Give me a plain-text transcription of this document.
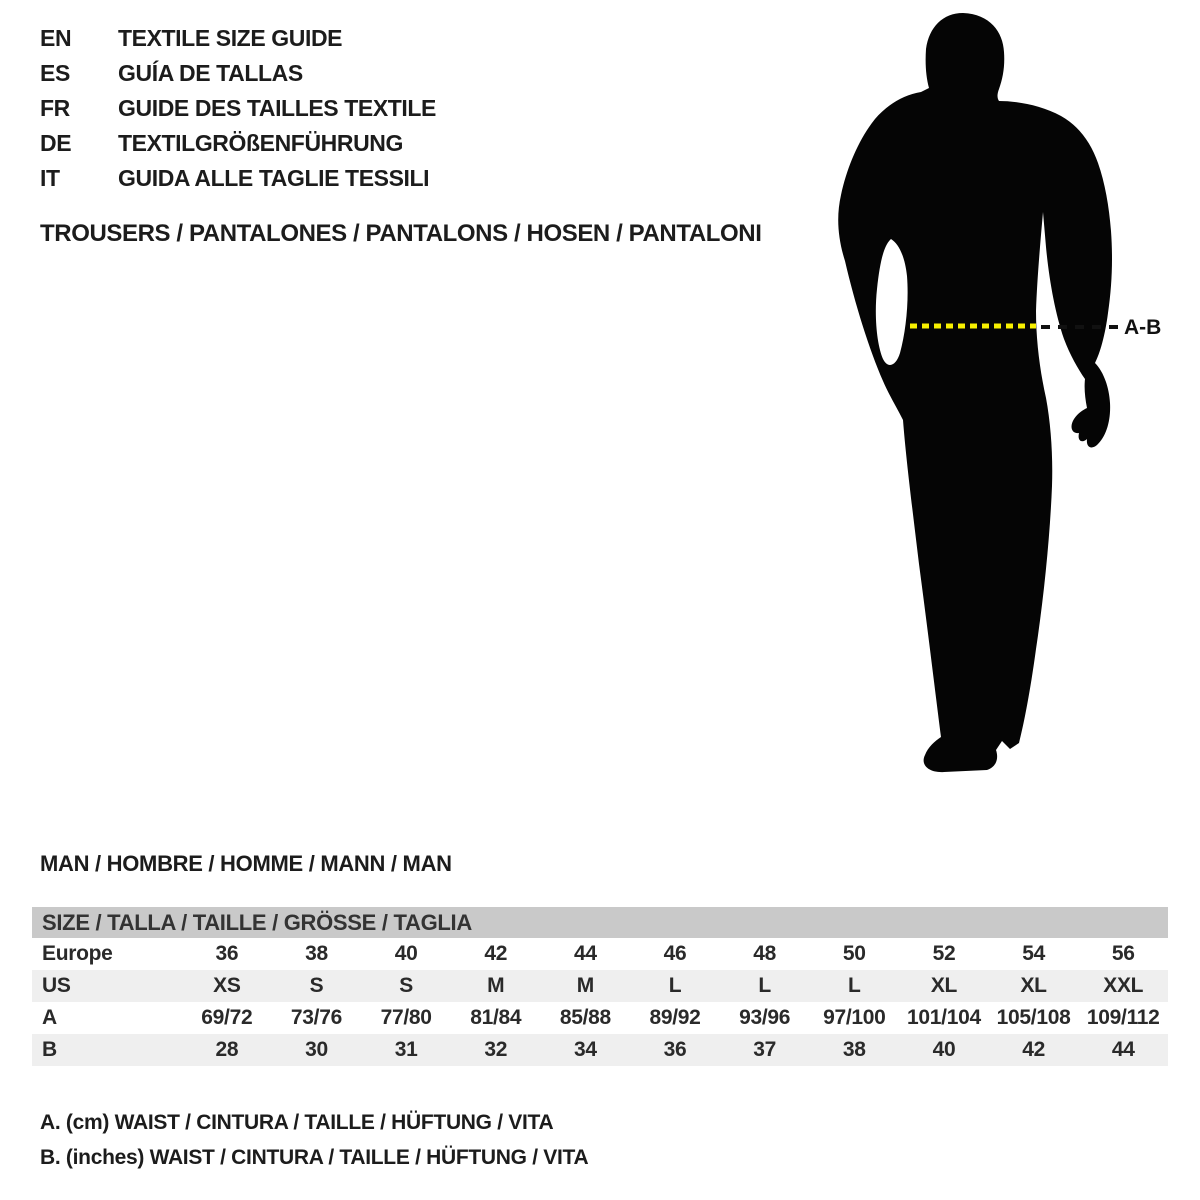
EN	TEXTILE SIZE GUIDE
ES	GUÍA DE TALLAS
FR	GUIDE DES TAILLES TEXTILE
DE	TEXTILGRÖßENFÜHRUNG
IT	GUIDA ALLE TAGLIE TESSILI
TROUSERS / PANTALONES / PANTALONS / HOSEN / PANTALONI
A-B
MAN / HOMBRE / HOMME / MANN / MAN
SIZE / TALLA / TAILLE / GRÖSSE / TAGLIA
Europe	36	38	40	42	44	46	48	50	52	54	56
US	XS	S	S	M	M	L	L	L	XL	XL	XXL
A	69/72	73/76	77/80	81/84	85/88	89/92	93/96	97/100	101/104 105/108 109/112
B	28	30	31	32	34	36	37	38	40	42	44
A. (cm) WAIST / CINTURA / TAILLE / HÜFTUNG / VITA
B. (inches) WAIST / CINTURA / TAILLE / HÜFTUNG / VITA
